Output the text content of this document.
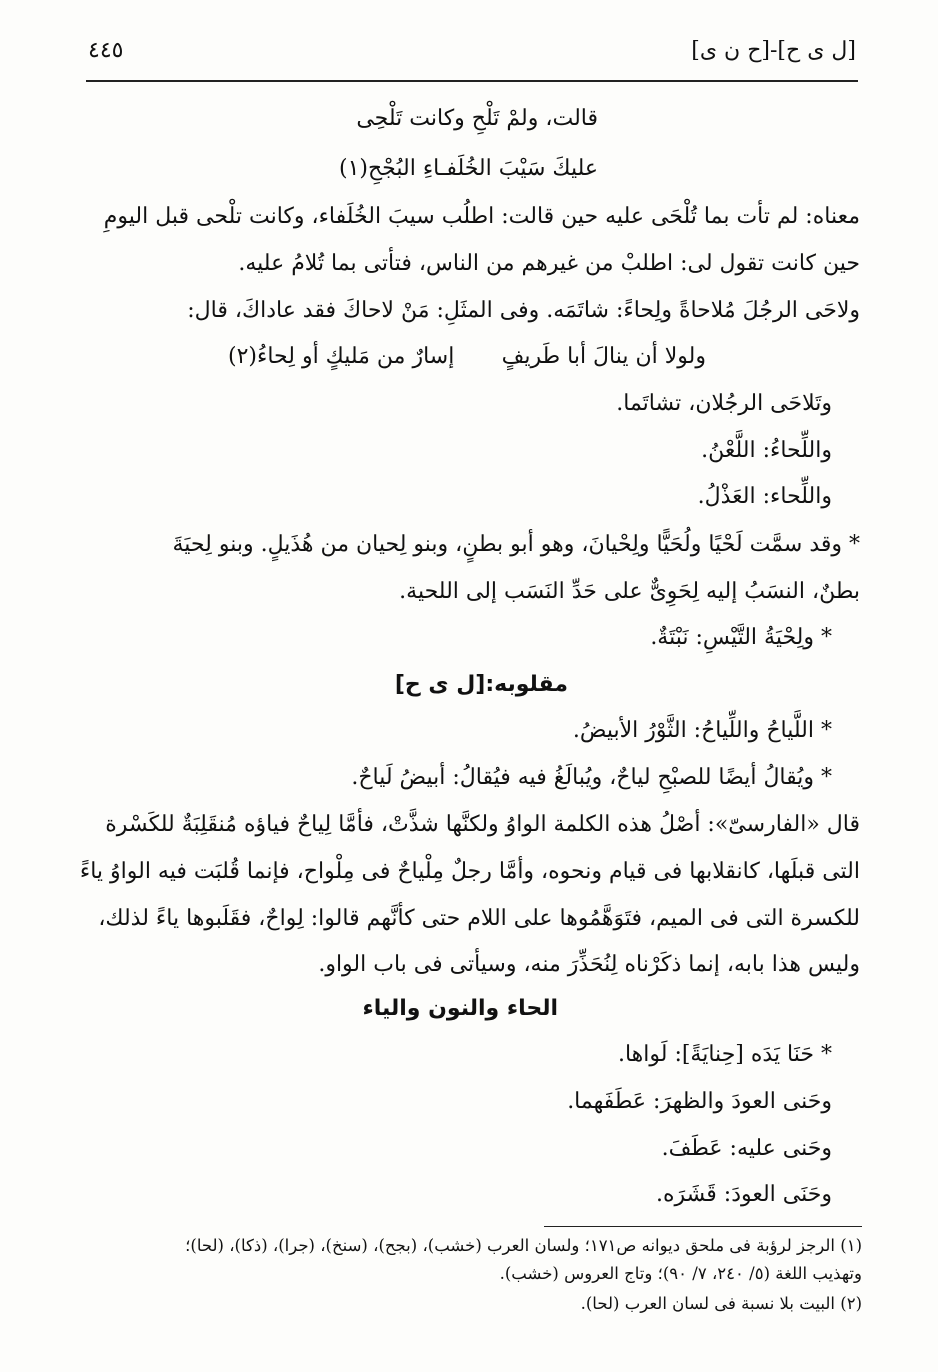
[ل ى ح]-[ح ن ى]
٤٤٥
قالت، ولمْ تَلْحِ وكانت تَلْحِى
عليكَ سَيْبَ الخُلَفـاءِ البُجْحِ(١)
معناه: لم تأت بما تُلْحَى عليه حين قالت: اطلُب سيبَ الخُلَفاء، وكانت تلْحى قبل اليومِ
حين كانت تقول لى: اطلبْ من غيرهم من الناس، فتأتى بما تُلامُ عليه.
ولاحَى الرجُلَ مُلاحاةً ولِحاءً: شاتَمَه. وفى المثَلِ: مَنْ لاحاكَ فقد عاداكَ، قال:
ولولا أن ينالَ أبا طَريفٍ
إسارٌ من مَليكٍ أو لِحاءُ(٢)
وتَلاحَى الرجُلان، تشاتَما.
واللِّحاءُ: اللَّعْنُ.
واللِّحاء: العَذْلُ.
* وقد سمَّت لَحْيًا ولُحَيًّا ولِحْيانَ، وهو أبو بطنٍ، وبنو لِحيان من هُذَيلٍ. وبنو لِحيَةَ
بطنٌ، النسَبُ إليه لِحَوِىٌّ على حَدِّ النَسَب إلى اللحية.
* ولِحْيَةُ التَّيْسِ: نَبْتَةٌ.
مقلوبه:[ل ى ح]
* اللَّياحُ واللِّياحُ: الثَّوْرُ الأبيضُ.
* ويُقالُ أيضًا للصبْحِ لياحٌ، ويُبالَغُ فيه فيُقالُ: أبيضُ لَياحٌ.
قال «الفارسىّ»: أصْلُ هذه الكلمة الواوُ ولكنَّها شذَّتْ، فأمَّا لِياحٌ فياؤه مُنقَلِبَةٌ للكَسْرة
التى قبلَها، كانقلابها فى قيام ونحوه، وأمَّا رجلٌ مِلْياحٌ فى مِلْواح، فإنما قُلبَت فيه الواوُ ياءً
للكسرة التى فى الميم، فتَوَهَّمُوها على اللام حتى كأنَّهم قالوا: لِواحٌ، فقَلَبوها ياءً لذلك،
وليس هذا بابه، إنما ذكَرْناه لِنُحَذِّرَ منه، وسيأتى فى باب الواو.
الحاء والنون والياء
* حَنَا يَدَه [حِنايَةً]: لَواها.
وحَنى العودَ والظهرَ: عَطَفَهما.
وحَنى عليه: عَطَفَ.
وحَنَى العودَ: قَشَرَه.
(١) الرجز لرؤبة فى ملحق ديوانه ص١٧١؛ ولسان العرب (خشب)، (بجح)، (سنخ)، (جرا)، (ذكا)، (لحا)؛
وتهذيب اللغة (٥/ ٢٤٠، ٧/ ٩٠)؛ وتاج العروس (خشب).
(٢) البيت بلا نسبة فى لسان العرب (لحا).
